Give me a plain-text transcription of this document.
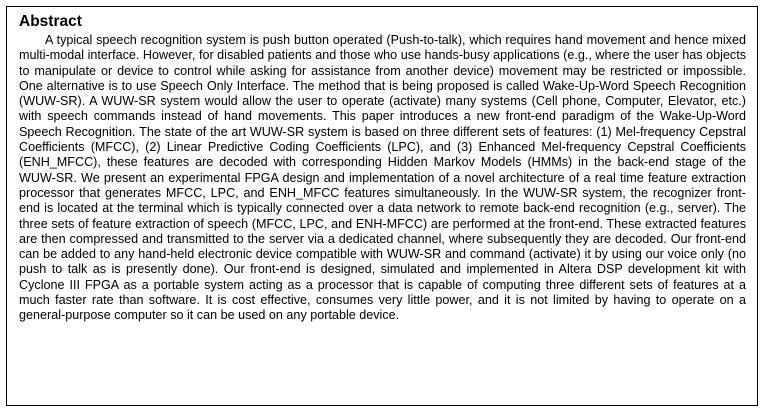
Abstract

A typical speech recognition system is push button operated (Push-to-talk), which requires hand movement and hence mixed multi-modal interface. However, for disabled patients and those who use hands-busy applications (e.g., where the user has objects to manipulate or device to control while asking for assistance from another device) movement may be restricted or impossible. One alternative is to use Speech Only Interface. The method that is being proposed is called Wake-Up-Word Speech Recognition (WUW-SR). A WUW-SR system would allow the user to operate (activate) many systems (Cell phone, Computer, Elevator, etc.) with speech commands instead of hand movements. This paper introduces a new front-end paradigm of the Wake-Up-Word Speech Recognition. The state of the art WUW-SR system is based on three different sets of features: (1) Mel-frequency Cepstral Coefficients (MFCC), (2) Linear Predictive Coding Coefficients (LPC), and (3) Enhanced Mel-frequency Cepstral Coefficients (ENH_MFCC), these features are decoded with corresponding Hidden Markov Models (HMMs) in the back-end stage of the WUW-SR. We present an experimental FPGA design and implementation of a novel architecture of a real time feature extraction processor that generates MFCC, LPC, and ENH_MFCC features simultaneously. In the WUW-SR system, the recognizer front-end is located at the terminal which is typically connected over a data network to remote back-end recognition (e.g., server). The three sets of feature extraction of speech (MFCC, LPC, and ENH-MFCC) are performed at the front-end. These extracted features are then compressed and transmitted to the server via a dedicated channel, where subsequently they are decoded. Our front-end can be added to any hand-held electronic device compatible with WUW-SR and command (activate) it by using our voice only (no push to talk as is presently done). Our front-end is designed, simulated and implemented in Altera DSP development kit with Cyclone III FPGA as a portable system acting as a processor that is capable of computing three different sets of features at a much faster rate than software. It is cost effective, consumes very little power, and it is not limited by having to operate on a general-purpose computer so it can be used on any portable device.
